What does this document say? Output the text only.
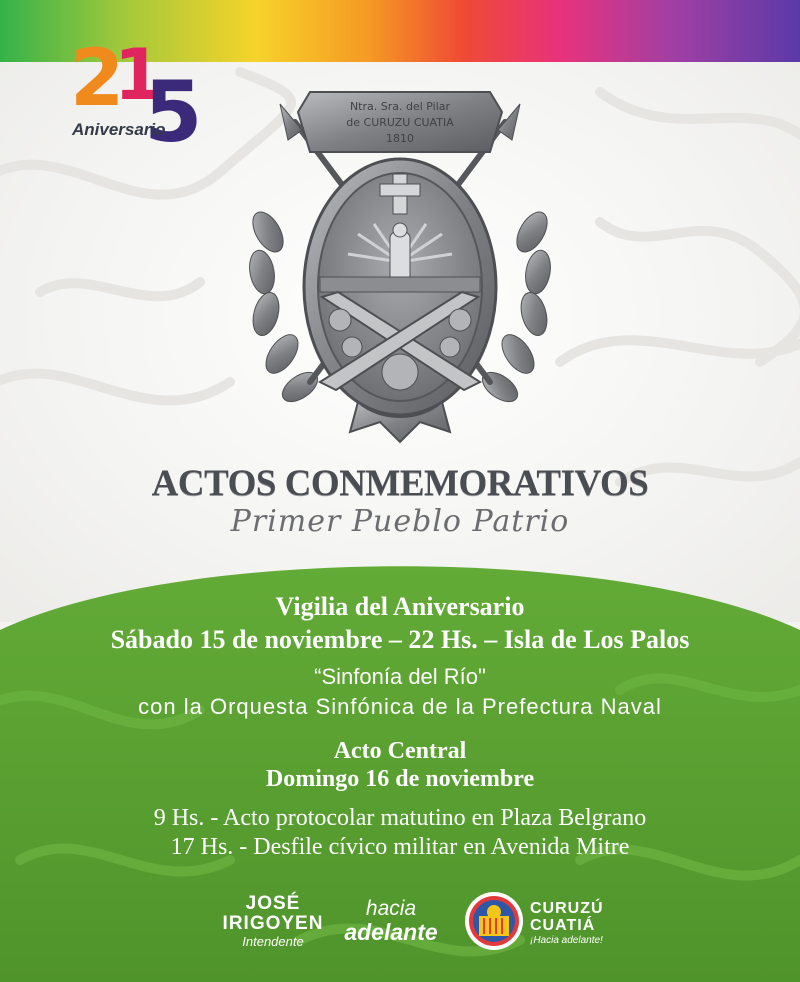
2
1
5
Aniversario
Ntra. Sra. del Pilar
de CURUZU CUATIA
1810
ACTOS CONMEMORATIVOS
Primer Pueblo Patrio
Vigilia del Aniversario
Sábado 15 de noviembre – 22 Hs. – Isla de Los Palos
“Sinfonía del Río"
con la Orquesta Sinfónica de la Prefectura Naval
Acto Central
Domingo 16 de noviembre
9 Hs. - Acto protocolar matutino en Plaza Belgrano
17 Hs. - Desfile cívico militar en Avenida Mitre
JOSÉ
IRIGOYEN
Intendente
hacia
adelante
CURUZÚ
CUATIÁ
¡Hacia adelante!
